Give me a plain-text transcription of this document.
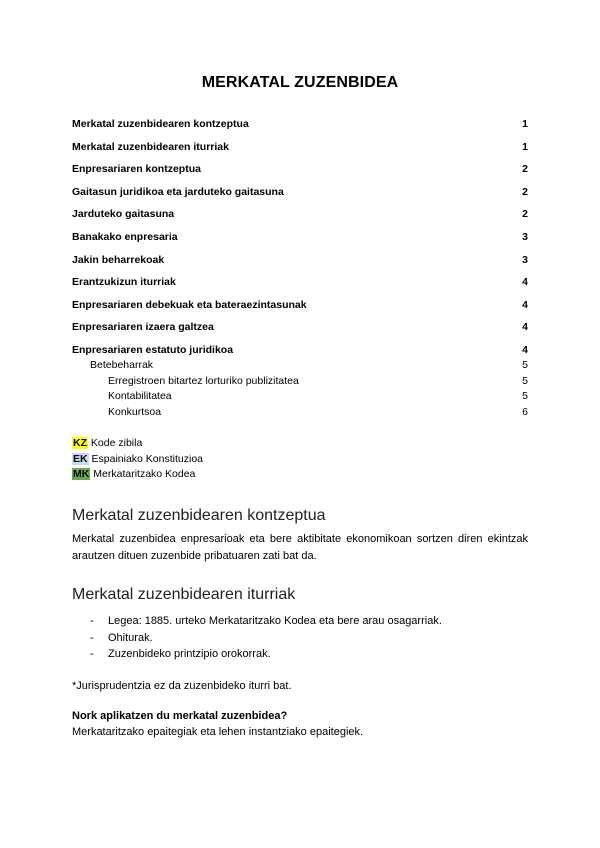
MERKATAL ZUZENBIDEA
Merkatal zuzenbidearen kontzeptua	1
Merkatal zuzenbidearen iturriak	1
Enpresariaren kontzeptua	2
Gaitasun juridikoa eta jarduteko gaitasuna	2
Jarduteko gaitasuna	2
Banakako enpresaria	3
Jakin beharrekoak	3
Erantzukizun iturriak	4
Enpresariaren debekuak eta bateraezintasunak	4
Enpresariaren izaera galtzea	4
Enpresariaren estatuto juridikoa	4
Betebeharrak	5
Erregistroen bitartez lorturiko publizitatea	5
Kontabilitatea	5
Konkurtsoa	6
KZ Kode zibila
EK Espainiako Konstituzioa
MK Merkataritzako Kodea
Merkatal zuzenbidearen kontzeptua

Merkatal zuzenbidea enpresarioak eta bere aktibitate ekonomikoan sortzen diren ekintzak arautzen dituen zuzenbide pribatuaren zati bat da.

Merkatal zuzenbidearen iturriak
- Legea: 1885. urteko Merkataritzako Kodea eta bere arau osagarriak.
- Ohiturak.
- Zuzenbideko printzipio orokorrak.
*Jurisprudentzia ez da zuzenbideko iturri bat.
Nork aplikatzen du merkatal zuzenbidea?
Merkataritzako epaitegiak eta lehen instantziako epaitegiek.
